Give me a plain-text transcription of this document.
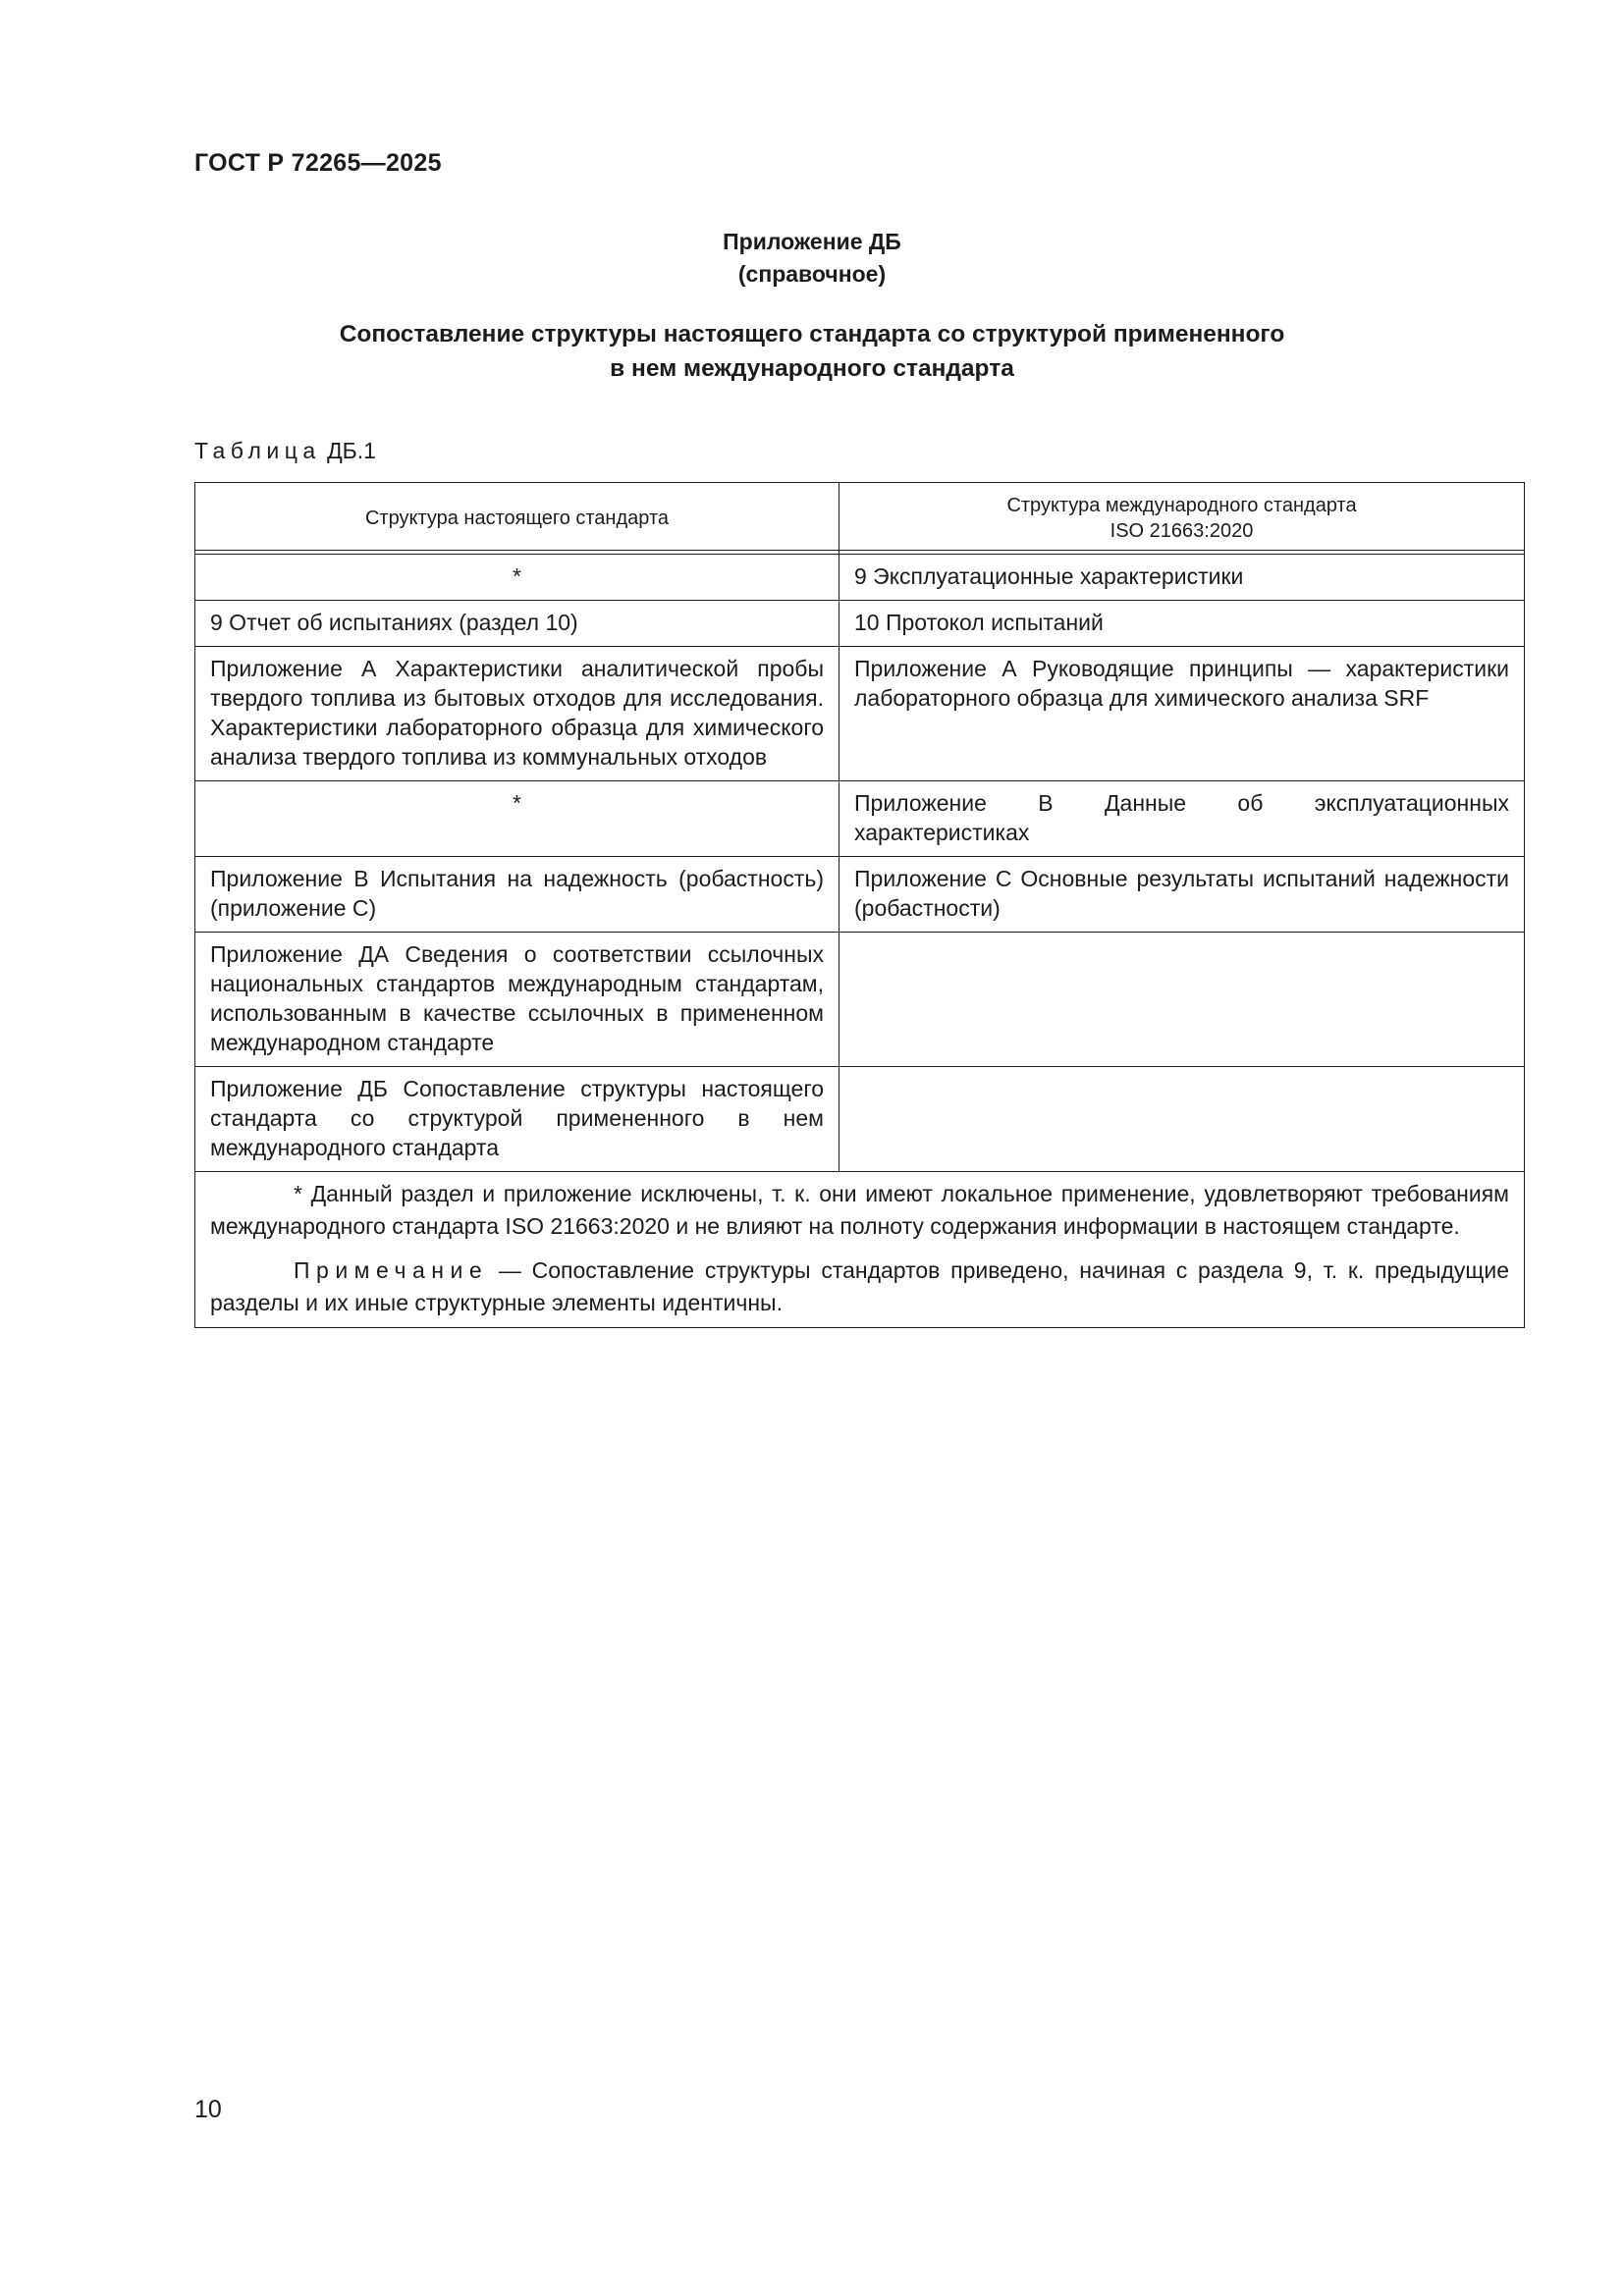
ГОСТ Р 72265—2025
Приложение ДБ
(справочное)
Сопоставление структуры настоящего стандарта со структурой примененного
в нем международного стандарта
Таблица ДБ.1
Структура настоящего стандарта	Структура международного стандарта
ISO 21663:2020

*	9 Эксплуатационные характеристики
9 Отчет об испытаниях (раздел 10)	10 Протокол испытаний
Приложение А Характеристики аналитической пробы твердого топлива из бытовых отходов для исследования. Характеристики лабораторного образца для химического анализа твердого топлива из коммунальных отходов	Приложение А Руководящие принципы — характеристики лабораторного образца для химического анализа SRF
*	Приложение В Данные об эксплуатационных характеристиках
Приложение В Испытания на надежность (робастность) (приложение С)	Приложение С Основные результаты испытаний надежности (робастности)
Приложение ДА Сведения о соответствии ссылочных национальных стандартов международным стандартам, использованным в качестве ссылочных в примененном международном стандарте	
Приложение ДБ Сопоставление структуры настоящего стандарта со структурой примененного в нем международного стандарта	

* Данный раздел и приложение исключены, т. к. они имеют локальное применение, удовлетворяют требованиям международного стандарта ISO 21663:2020 и не влияют на полноту содержания информации в настоящем стандарте.

Примечание — Сопоставление структуры стандартов приведено, начиная с раздела 9, т. к. предыдущие разделы и их иные структурные элементы идентичны.	

10
